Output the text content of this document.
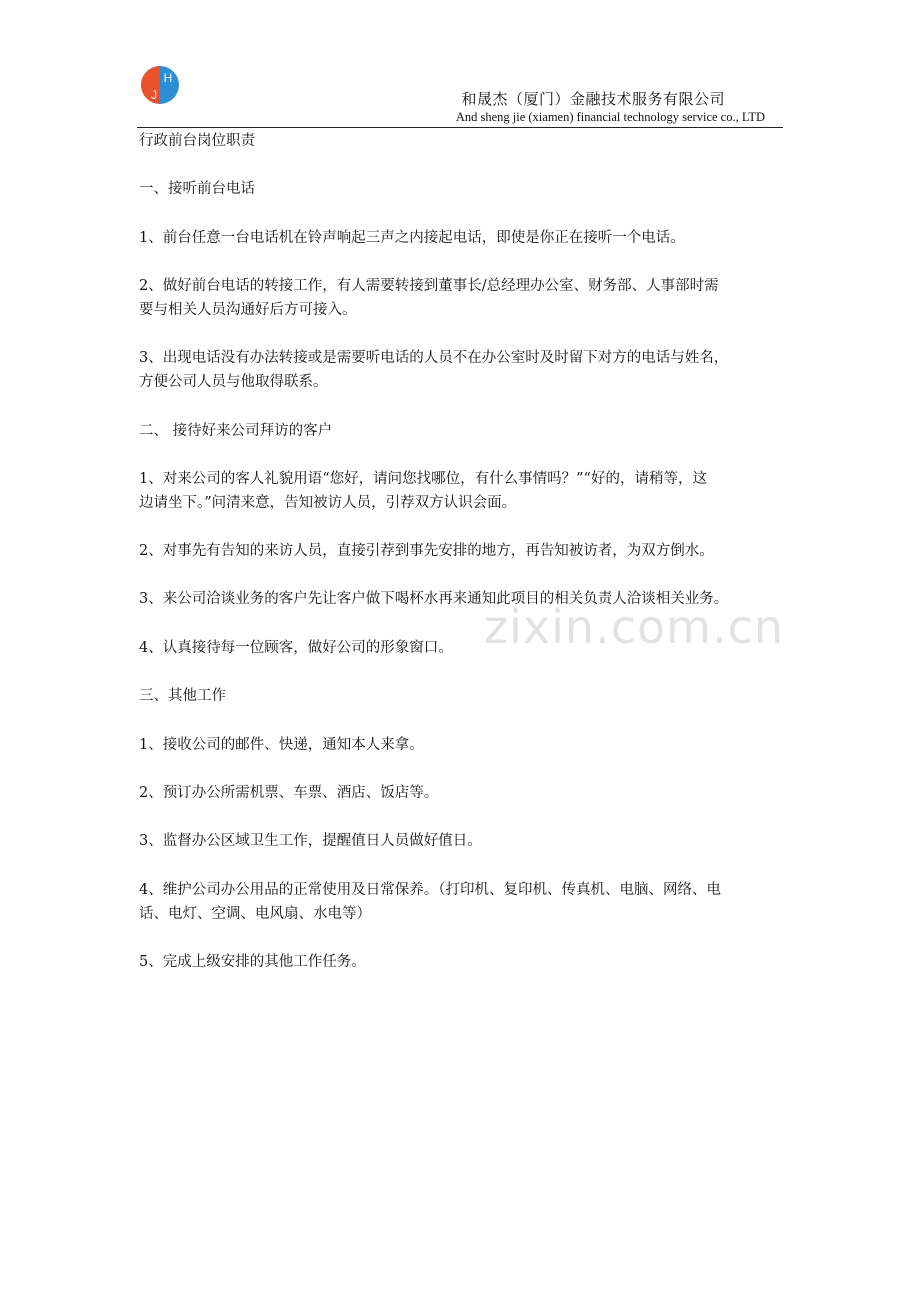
H
J	和晟杰（厦门）金融技术服务有限公司
And sheng jie (xiamen) financial technology service co., LTD
行政前台岗位职责
一、接听前台电话
1、前台任意一台电话机在铃声响起三声之内接起电话，即使是你正在接听一个电话。
2、做好前台电话的转接工作，有人需要转接到董事长/总经理办公室、财务部、人事部时需
要与相关人员沟通好后方可接入。
3、出现电话没有办法转接或是需要听电话的人员不在办公室时及时留下对方的电话与姓名，
方便公司人员与他取得联系。
二、 接待好来公司拜访的客户
1、对来公司的客人礼貌用语“您好，请问您找哪位，有什么事情吗？”“好的，请稍等，这
边请坐下。”问清来意，告知被访人员，引荐双方认识会面。
2、对事先有告知的来访人员，直接引荐到事先安排的地方，再告知被访者，为双方倒水。
3、来公司洽谈业务的客户先让客户做下喝杯水再来通知此项目的相关负责人洽谈相关业务。
4、认真接待每一位顾客，做好公司的形象窗口。
三、其他工作
1、接收公司的邮件、快递，通知本人来拿。
2、预订办公所需机票、车票、酒店、饭店等。
3、监督办公区域卫生工作，提醒值日人员做好值日。
4、维护公司办公用品的正常使用及日常保养。（打印机、复印机、传真机、电脑、网络、电
话、电灯、空调、电风扇、水电等）
5、完成上级安排的其他工作任务。
zixin.com.cn
